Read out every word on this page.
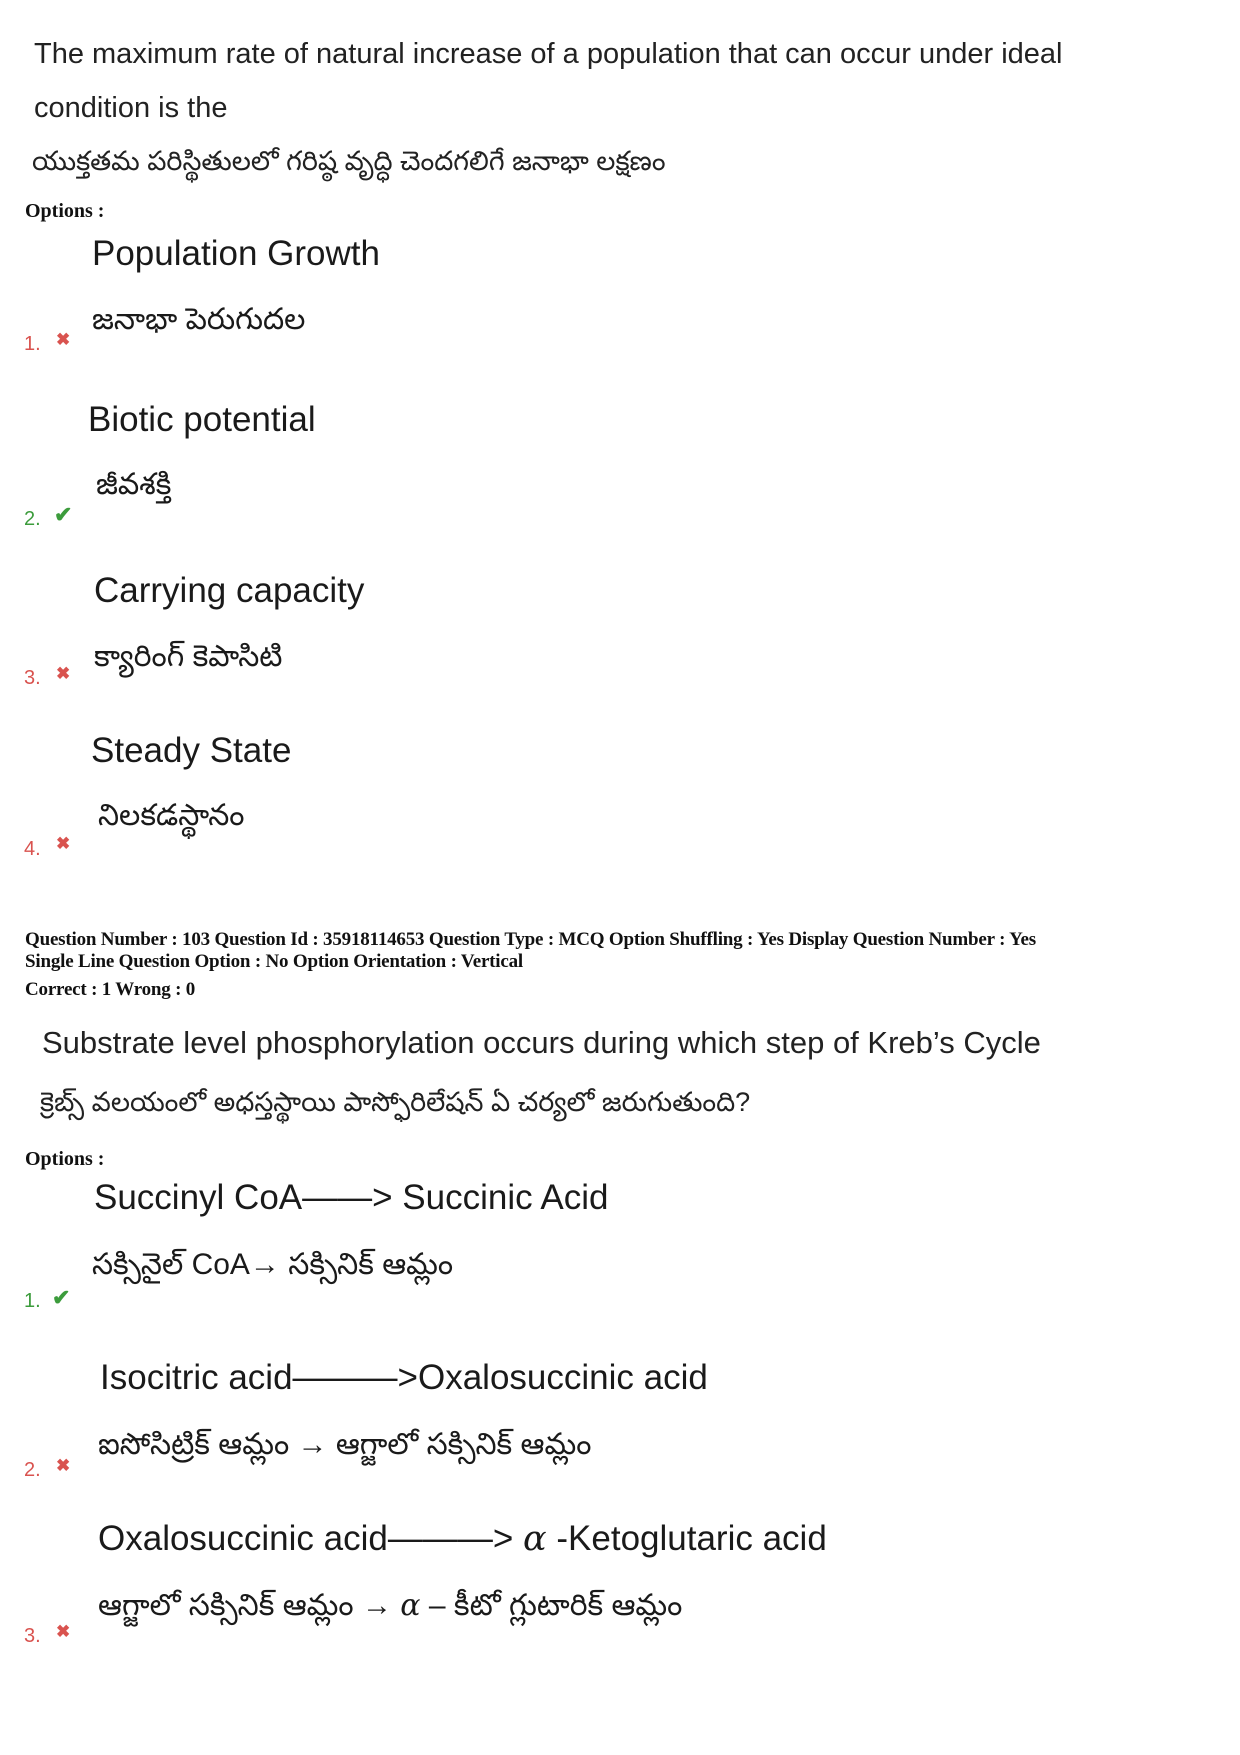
The maximum rate of natural increase of a population that can occur under ideal
condition is the
యుక్తతమ పరిస్థితులలో గరిష్ఠ వృద్ధి చెందగలిగే జనాభా లక్షణం
Options :
Population Growth
జనాభా పెరుగుదల
1. ✖
Biotic potential
జీవశక్తి
2. ✔
Carrying capacity
క్యారింగ్ కెపాసిటి
3. ✖
Steady State
నిలకడస్థానం
4. ✖
Question Number : 103 Question Id : 35918114653 Question Type : MCQ Option Shuffling : Yes Display Question Number : Yes
Single Line Question Option : No Option Orientation : Vertical
Correct : 1 Wrong : 0
Substrate level phosphorylation occurs during which step of Kreb’s Cycle
క్రెబ్స్ వలయంలో అధస్తస్థాయి పాస్ఫోరిలేషన్ ఏ చర్యలో జరుగుతుంది?
Options :
Succinyl CoA——> Succinic Acid
సక్సినైల్ CoA→ సక్సినిక్ ఆమ్లం
1. ✔
Isocitric acid———>Oxalosuccinic acid
ఐసోసిట్రిక్ ఆమ్లం → ఆగ్జాలో సక్సినిక్ ఆమ్లం
2. ✖
Oxalosuccinic acid———> α -Ketoglutaric acid
ఆగ్జాలో సక్సినిక్ ఆమ్లం → α – కీటో గ్లుటారిక్ ఆమ్లం
3. ✖
